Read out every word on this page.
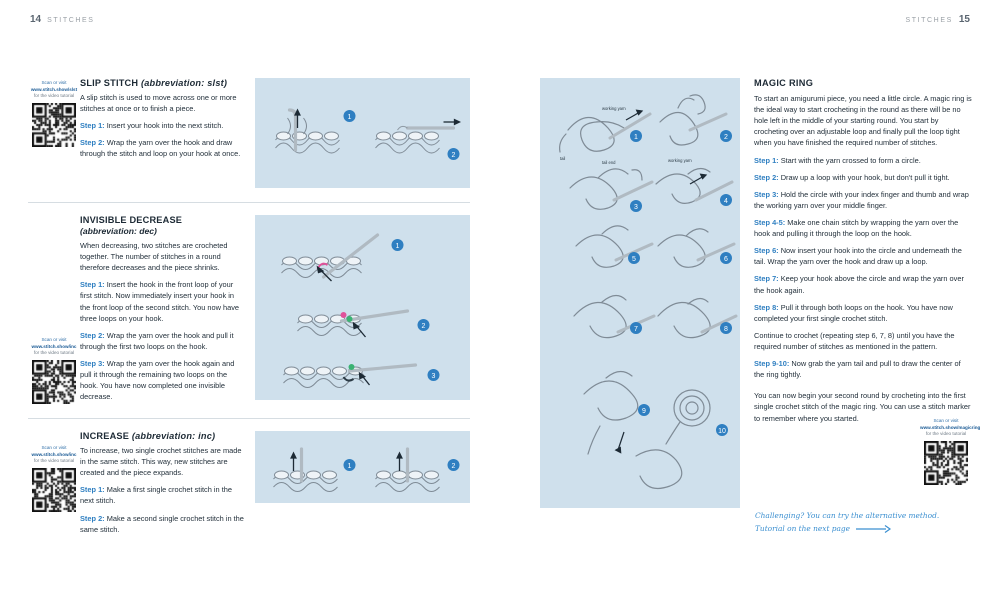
14 STITCHES	STITCHES 15
Scan or visit
www.stitch.show/slst for the video tutorial
SLIP STITCH (abbreviation: slst)

A slip stitch is used to move across one or more stitches at once or to finish a piece.

Step 1: Insert your hook into the next stitch.

Step 2: Wrap the yarn over the hook and draw through the stitch and loop on your hook at once.

1
2
Scan or visit
www.stitch.show/inc
for the video tutorial
INVISIBLE DECREASE
(abbreviation: dec)

When decreasing, two stitches are crocheted together. The number of stitches in a round therefore decreases and the piece shrinks.

Step 1: Insert the hook in the front loop of your first stitch. Now immediately insert your hook in the front loop of the second stitch. You now have three loops on your hook.

Step 2: Wrap the yarn over the hook and pull it through the first two loops on the hook.

Step 3: Wrap the yarn over the hook again and pull it through the remaining two loops on the hook. You have now completed one invisible decrease.

1
2
3
Scan or visit
www.stitch.show/inc
for the video tutorial
INCREASE (abbreviation: inc)

To increase, two single crochet stitches are made in the same stitch. This way, new stitches are created and the piece expands.

Step 1: Make a first single crochet stitch in the next stitch.

Step 2: Make a second single crochet stitch in the same stitch.

1	2
working yarn
tail
tail end	working yarn
1	2
3
4
5	6
7	8
9
10
MAGIC RING

To start an amigurumi piece, you need a little circle. A magic ring is the ideal way to start crocheting in the round as there will be no hole left in the middle of your starting round. You start by crocheting over an adjustable loop and finally pull the loop tight when you have finished the required number of stitches.

Step 1: Start with the yarn crossed to form a circle.

Step 2: Draw up a loop with your hook, but don't pull it tight.

Step 3: Hold the circle with your index finger and thumb and wrap the working yarn over your middle finger.

Step 4-5: Make one chain stitch by wrapping the yarn over the hook and pulling it through the loop on the hook.

Step 6: Now insert your hook into the circle and underneath the tail. Wrap the yarn over the hook and draw up a loop.

Step 7: Keep your hook above the circle and wrap the yarn over the hook again.

Step 8: Pull it through both loops on the hook. You have now completed your first single crochet stitch.

Continue to crochet (repeating step 6, 7, 8) until you have the required number of stitches as mentioned in the pattern.

Step 9-10: Now grab the yarn tail and pull to draw the center of the ring tightly.

You can now begin your second round by crocheting into the first single crochet stitch of the magic ring. You can use a stitch marker to remember where you started.	Scan or visit
www.stitch.show/magicring for the video tutorial
Challenging? You can try the alternative method.
Tutorial on the next page
